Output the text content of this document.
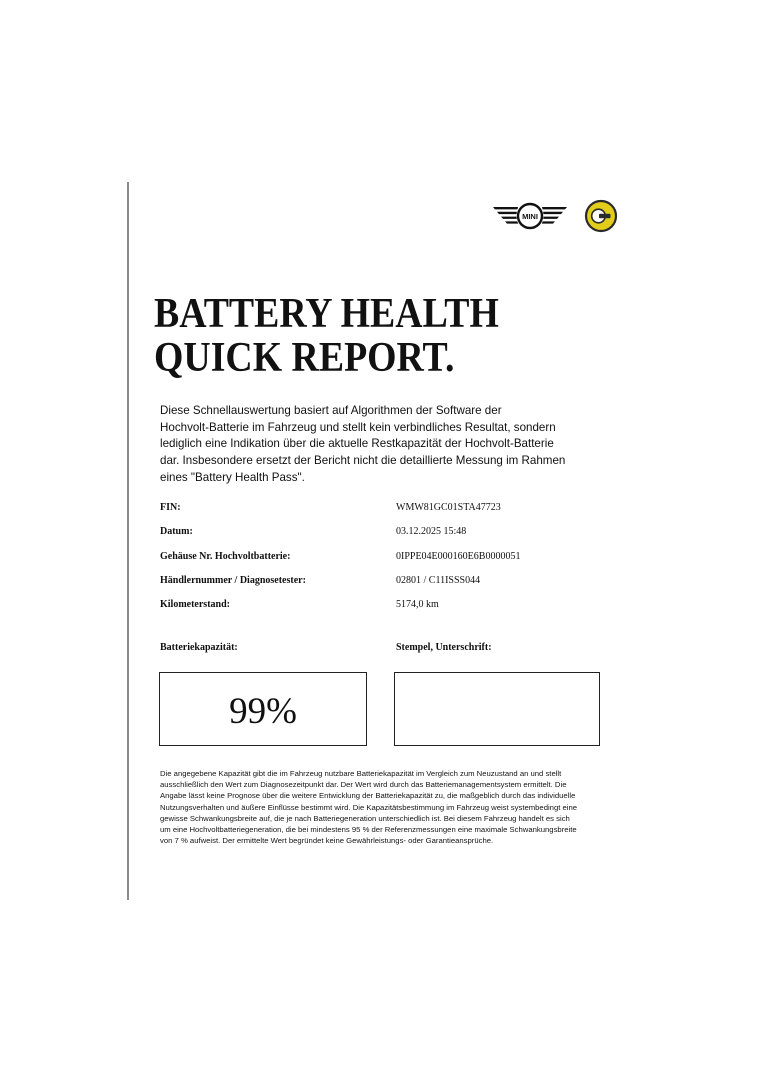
MINI
BATTERY HEALTH
QUICK REPORT.
Diese Schnellauswertung basiert auf Algorithmen der Software der
Hochvolt-Batterie im Fahrzeug und stellt kein verbindliches Resultat, sondern
lediglich eine Indikation über die aktuelle Restkapazität der Hochvolt-Batterie
dar. Insbesondere ersetzt der Bericht nicht die detaillierte Messung im Rahmen
eines "Battery Health Pass".
FIN:	WMW81GC01STA47723
Datum:	03.12.2025 15:48
Gehäuse Nr. Hochvoltbatterie:	0IPPE04E000160E6B0000051
Händlernummer / Diagnosetester:	02801 / C11ISSS044
Kilometerstand:	5174,0 km
Batteriekapazität:	Stempel, Unterschrift:
99%
Die angegebene Kapazität gibt die im Fahrzeug nutzbare Batteriekapazität im Vergleich zum Neuzustand an und stellt
ausschließlich den Wert zum Diagnosezeitpunkt dar. Der Wert wird durch das Batteriemanagementsystem ermittelt. Die
Angabe lässt keine Prognose über die weitere Entwicklung der Batteriekapazität zu, die maßgeblich durch das individuelle
Nutzungsverhalten und äußere Einflüsse bestimmt wird. Die Kapazitätsbestimmung im Fahrzeug weist systembedingt eine
gewisse Schwankungsbreite auf, die je nach Batteriegeneration unterschiedlich ist. Bei diesem Fahrzeug handelt es sich
um eine Hochvoltbatteriegeneration, die bei mindestens 95 % der Referenzmessungen eine maximale Schwankungsbreite
von 7 % aufweist. Der ermittelte Wert begründet keine Gewährleistungs- oder Garantieansprüche.
